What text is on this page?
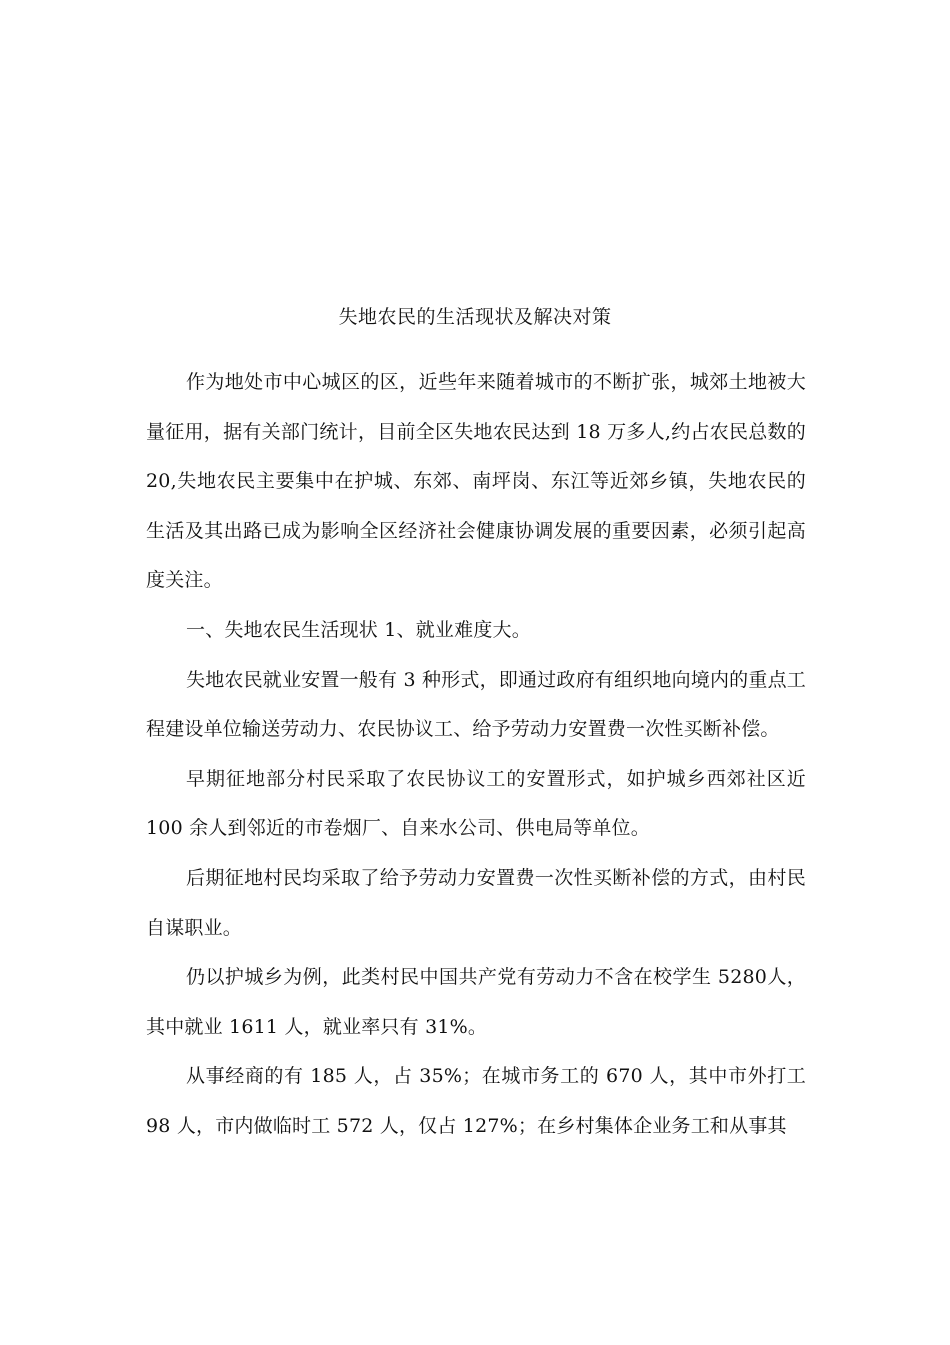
失地农民的生活现状及解决对策

作为地处市中心城区的区，近些年来随着城市的不断扩张，城郊土地被大量征用，据有关部门统计，目前全区失地农民达到 18 万多人,约占农民总数的 20,失地农民主要集中在护城、东郊、南坪岗、东江等近郊乡镇，失地农民的生活及其出路已成为影响全区经济社会健康协调发展的重要因素，必须引起高度关注。

一、失地农民生活现状 1、就业难度大。

失地农民就业安置一般有 3 种形式，即通过政府有组织地向境内的重点工程建设单位输送劳动力、农民协议工、给予劳动力安置费一次性买断补偿。

早期征地部分村民采取了农民协议工的安置形式，如护城乡西郊社区近 100 余人到邻近的市卷烟厂、自来水公司、供电局等单位。

后期征地村民均采取了给予劳动力安置费一次性买断补偿的方式，由村民自谋职业。

仍以护城乡为例，此类村民中国共产党有劳动力不含在校学生 5280人，其中就业 1611 人，就业率只有 31%。

从事经商的有 185 人，占 35%；在城市务工的 670 人，其中市外打工98 人，市内做临时工 572 人，仅占 127%；在乡村集体企业务工和从事其
